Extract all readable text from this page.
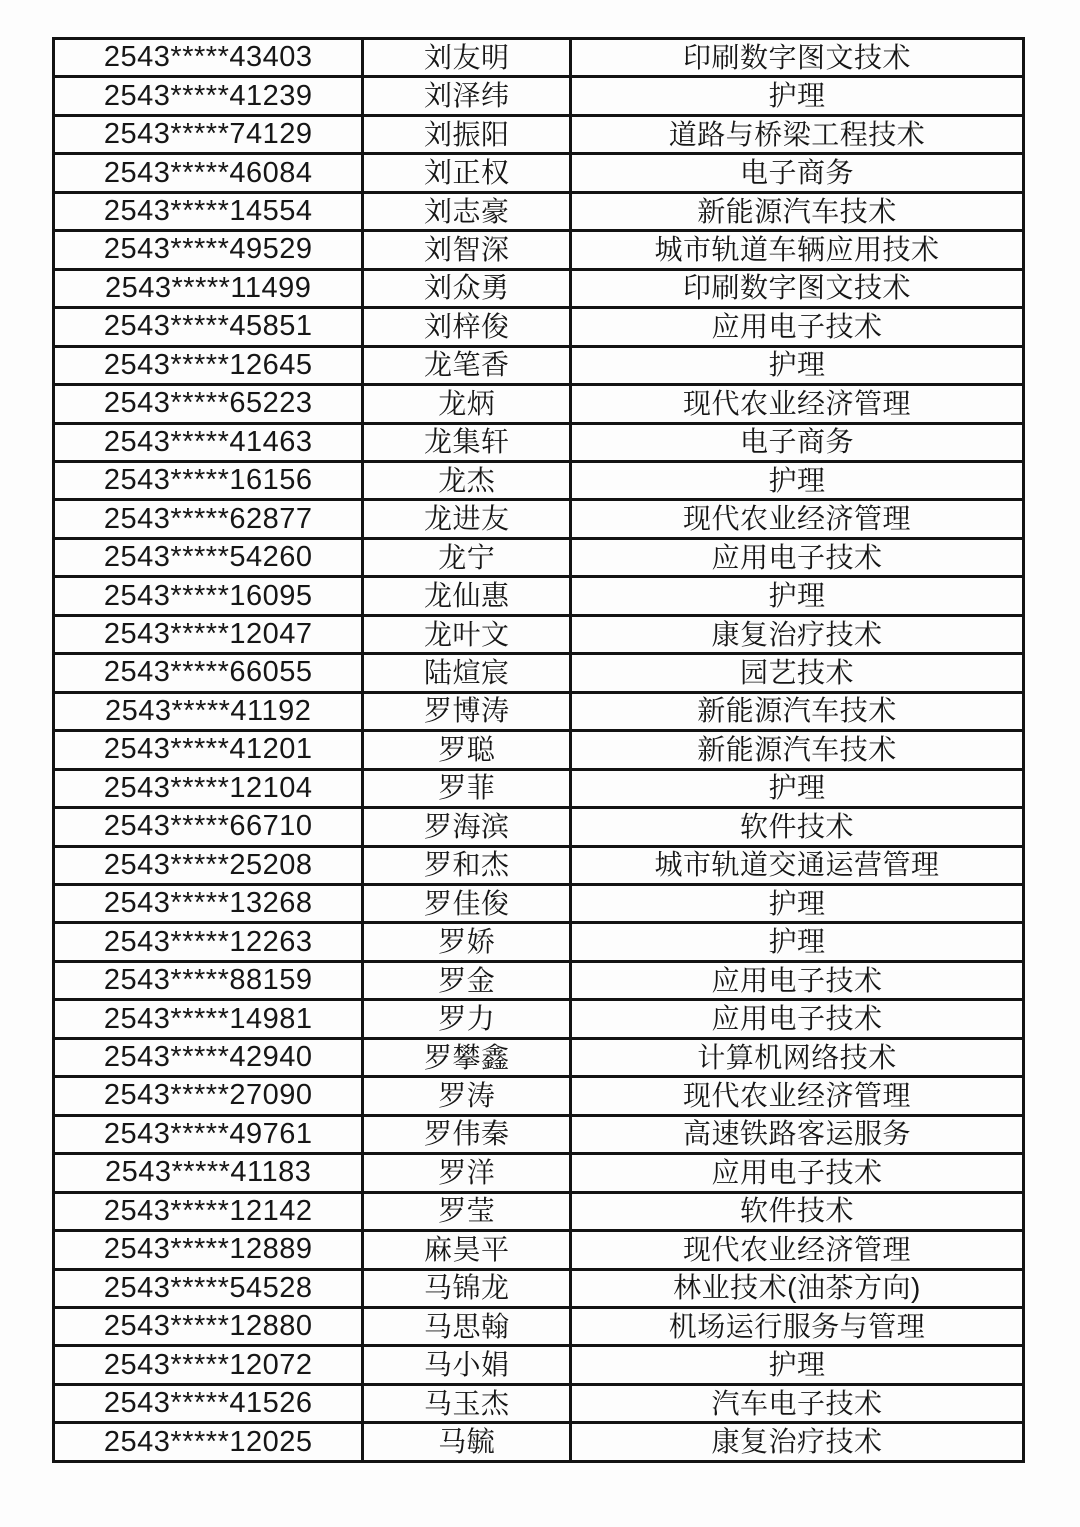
2543*****43403	刘友明	印刷数字图文技术
2543*****41239	刘泽纬	护理
2543*****74129	刘振阳	道路与桥梁工程技术
2543*****46084	刘正权	电子商务
2543*****14554	刘志豪	新能源汽车技术
2543*****49529	刘智深	城市轨道车辆应用技术
2543*****11499	刘众勇	印刷数字图文技术
2543*****45851	刘梓俊	应用电子技术
2543*****12645	龙笔香	护理
2543*****65223	龙炳	现代农业经济管理
2543*****41463	龙集轩	电子商务
2543*****16156	龙杰	护理
2543*****62877	龙进友	现代农业经济管理
2543*****54260	龙宁	应用电子技术
2543*****16095	龙仙惠	护理
2543*****12047	龙叶文	康复治疗技术
2543*****66055	陆煊宸	园艺技术
2543*****41192	罗博涛	新能源汽车技术
2543*****41201	罗聪	新能源汽车技术
2543*****12104	罗菲	护理
2543*****66710	罗海滨	软件技术
2543*****25208	罗和杰	城市轨道交通运营管理
2543*****13268	罗佳俊	护理
2543*****12263	罗娇	护理
2543*****88159	罗金	应用电子技术
2543*****14981	罗力	应用电子技术
2543*****42940	罗攀鑫	计算机网络技术
2543*****27090	罗涛	现代农业经济管理
2543*****49761	罗伟秦	高速铁路客运服务
2543*****41183	罗洋	应用电子技术
2543*****12142	罗莹	软件技术
2543*****12889	麻昊平	现代农业经济管理
2543*****54528	马锦龙	林业技术(油茶方向)
2543*****12880	马思翰	机场运行服务与管理
2543*****12072	马小娟	护理
2543*****41526	马玉杰	汽车电子技术
2543*****12025	马毓	康复治疗技术
